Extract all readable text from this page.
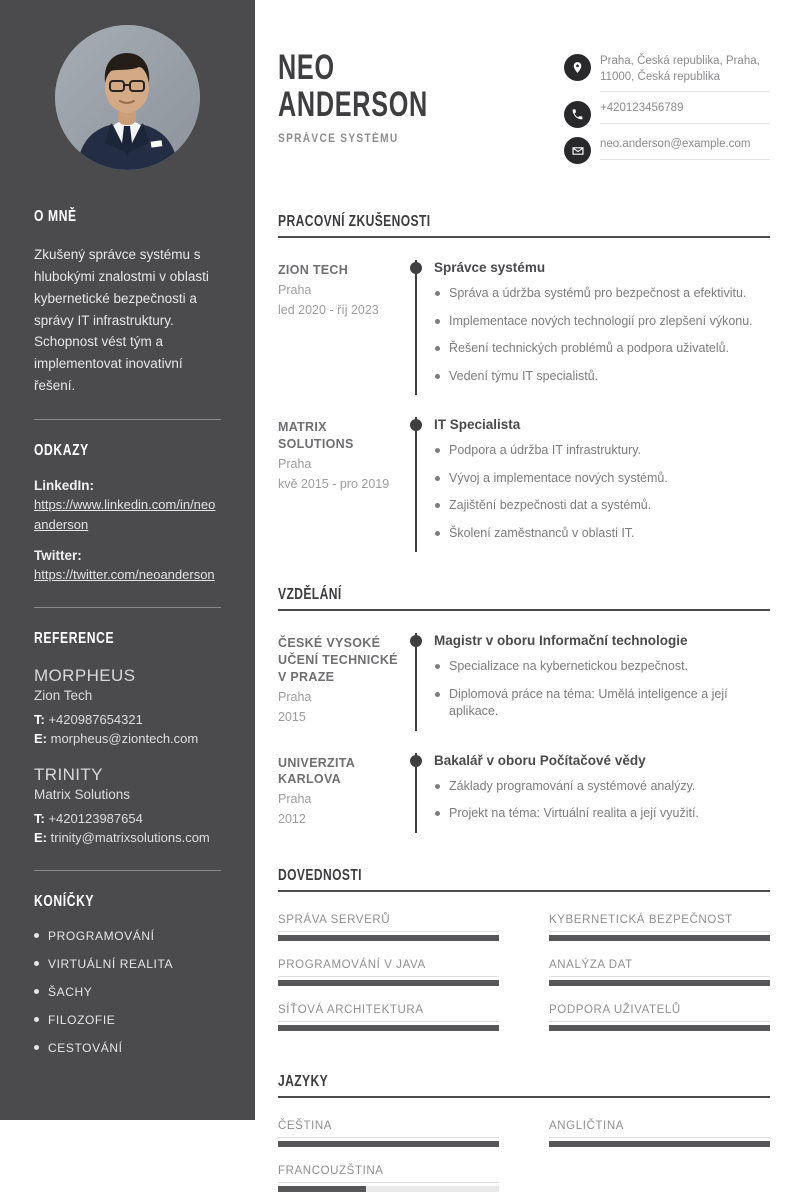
O MNĚ

Zkušený správce systému s hlubokými znalostmi v oblasti kybernetické bezpečnosti a správy IT infrastruktury. Schopnost vést tým a implementovat inovativní řešení.

ODKAZY
LinkedIn:
https://www.linkedin.com/in/neoanderson
Twitter:
https://twitter.com/neoanderson
REFERENCE
MORPHEUS
Zion Tech
T: +420987654321
E: morpheus@ziontech.com
TRINITY
Matrix Solutions
T: +420123987654
E: trinity@matrixsolutions.com
KONÍČKY
PROGRAMOVÁNÍ
VIRTUÁLNÍ REALITA
ŠACHY
FILOZOFIE
CESTOVÁNÍ
NEO
ANDERSON
SPRÁVCE SYSTÉMU
Praha, Česká republika, Praha, 11000, Česká republika
+420123456789
neo.anderson@example.com
PRACOVNÍ ZKUŠENOSTI
ZION TECH
Praha
led 2020 - říj 2023
Správce systému
Správa a údržba systémů pro bezpečnost a efektivitu.
Implementace nových technologií pro zlepšení výkonu.
Řešení technických problémů a podpora uživatelů.
Vedení týmu IT specialistů.
MATRIX SOLUTIONS
Praha
kvě 2015 - pro 2019
IT Specialista
Podpora a údržba IT infrastruktury.
Vývoj a implementace nových systémů.
Zajištění bezpečnosti dat a systémů.
Školení zaměstnanců v oblasti IT.
VZDĚLÁNÍ
ČESKÉ VYSOKÉ UČENÍ TECHNICKÉ V PRAZE
Praha
2015
Magistr v oboru Informační technologie
Specializace na kybernetickou bezpečnost.
Diplomová práce na téma: Umělá inteligence a její aplikace.
UNIVERZITA KARLOVA
Praha
2012
Bakalář v oboru Počítačové vědy
Základy programování a systémové analýzy.
Projekt na téma: Virtuální realita a její využití.
DOVEDNOSTI
SPRÁVA SERVERŮ	KYBERNETICKÁ BEZPEČNOST
PROGRAMOVÁNÍ V JAVA	ANALÝZA DAT
SÍŤOVÁ ARCHITEKTURA	PODPORA UŽIVATELŮ
JAZYKY
ČEŠTINA	ANGLIČTINA
FRANCOUZŠTINA
